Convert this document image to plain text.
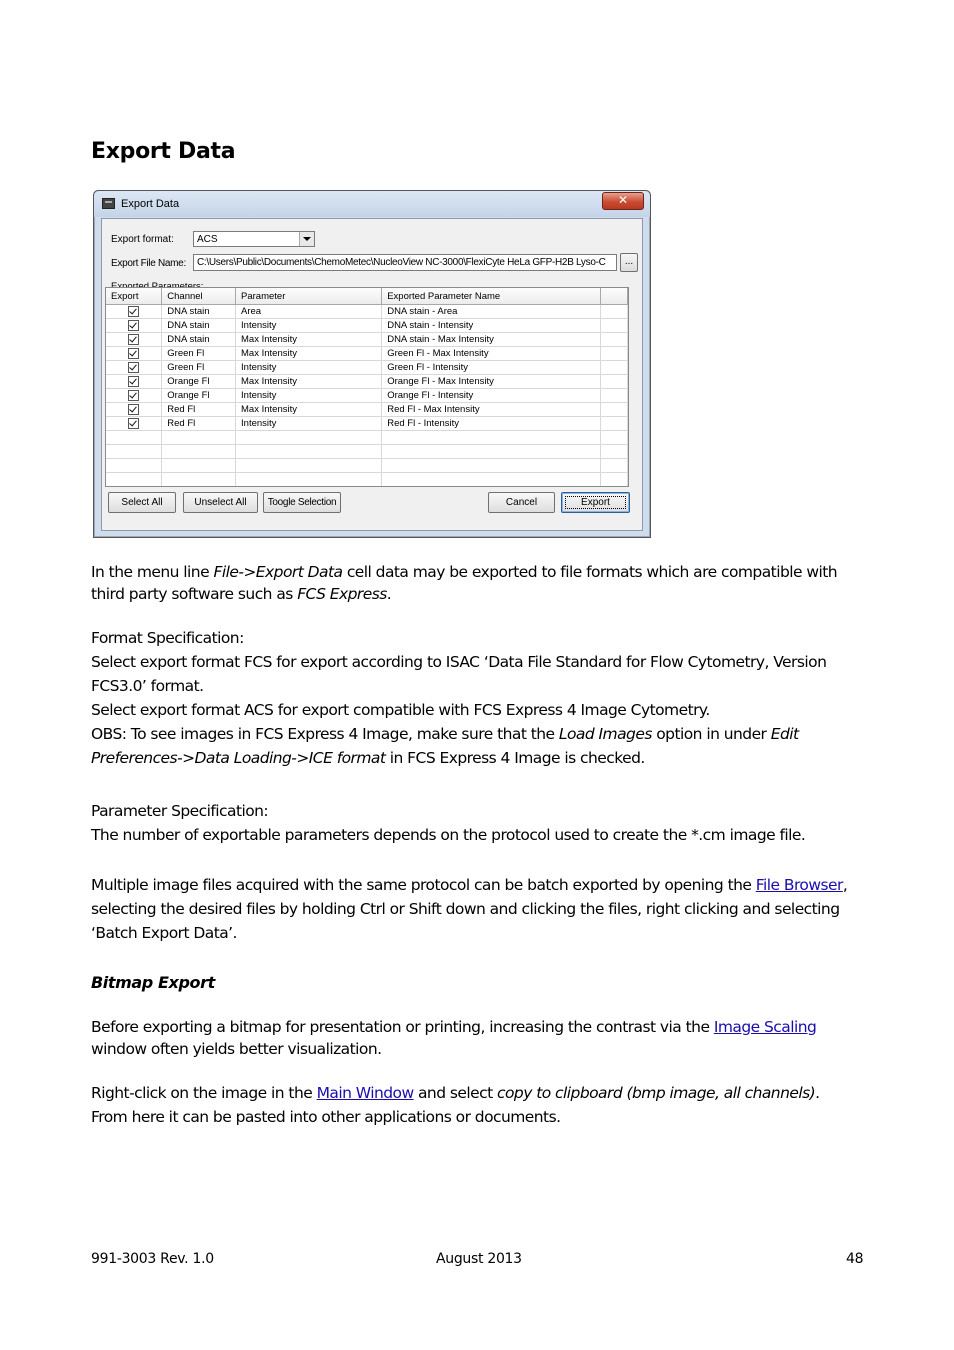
Export Data
Export Data	✕
Export format: ACS
Export File Name: C:\Users\Public\Documents\ChemoMetec\NucleoView NC-3000\FlexiCyte HeLa GFP-H2B Lyso-C	...
Export	Channel	Parameter	Exported Parameter Name	
	DNA stain	Area	DNA stain - Area	
	DNA stain	Intensity	DNA stain - Intensity	
	DNA stain	Max Intensity	DNA stain - Max Intensity	
	Green Fl	Max Intensity	Green Fl - Max Intensity	
	Green Fl	Intensity	Green Fl - Intensity	
	Orange Fl	Max Intensity	Orange Fl - Max Intensity	
	Orange Fl	Intensity	Orange Fl - Intensity	
	Red Fl	Max Intensity	Red Fl - Max Intensity	
	Red Fl	Intensity	Red Fl - Intensity	

Select All	Unselect All	Toogle Selection	Cancel	Export

In the menu line File->Export Data cell data may be exported to file formats which are compatible with third party software such as FCS Express.

Format Specification:
Select export format FCS for export according to ISAC ‘Data File Standard for Flow Cytometry, Version FCS3.0’ format.
Select export format ACS for export compatible with FCS Express 4 Image Cytometry.
OBS: To see images in FCS Express 4 Image, make sure that the Load Images option in under Edit Preferences->Data Loading->ICE format in FCS Express 4 Image is checked.

Parameter Specification:
The number of exportable parameters depends on the protocol used to create the *.cm image file.

Multiple image files acquired with the same protocol can be batch exported by opening the File Browser, selecting the desired files by holding Ctrl or Shift down and clicking the files, right clicking and selecting ‘Batch Export Data’.

Bitmap Export

Before exporting a bitmap for presentation or printing, increasing the contrast via the Image Scaling window often yields better visualization.

Right-click on the image in the Main Window and select copy to clipboard (bmp image, all channels). From here it can be pasted into other applications or documents.

991-3003 Rev. 1.0	August 2013	48
